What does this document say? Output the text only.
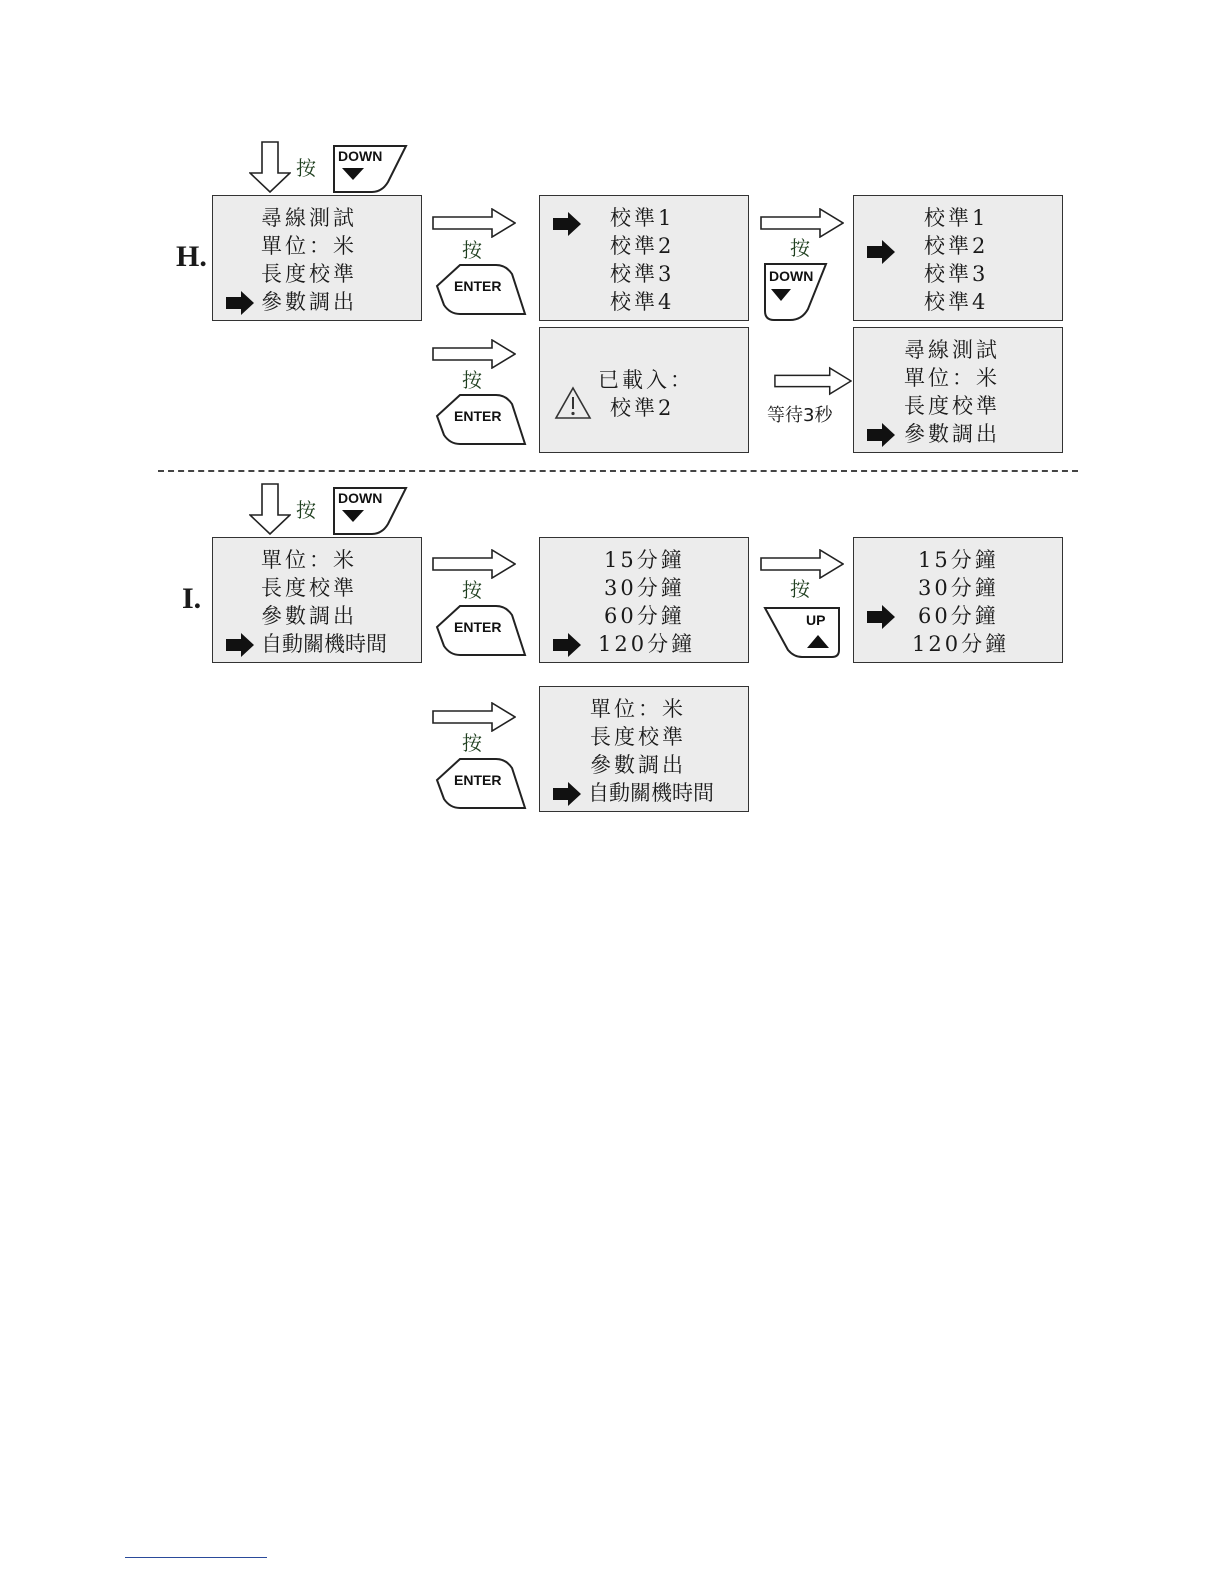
H.
按 DOWN
尋線測試
單位：米
長度校準
參數調出
按
ENTER
校準1
校準2
校準3
校準4
按
DOWN
校準1
校準2
校準3
校準4
按
ENTER
已載入：
校準2	等待3秒
尋線測試
單位：米
長度校準
參數調出
I.
按 DOWN
單位：米
長度校準
參數調出
自動關機時間
按
ENTER
15分鐘
30分鐘
60分鐘
120分鐘
按
UP
15分鐘
30分鐘
60分鐘
120分鐘
按
ENTER
單位：米
長度校準
參數調出
自動關機時間
